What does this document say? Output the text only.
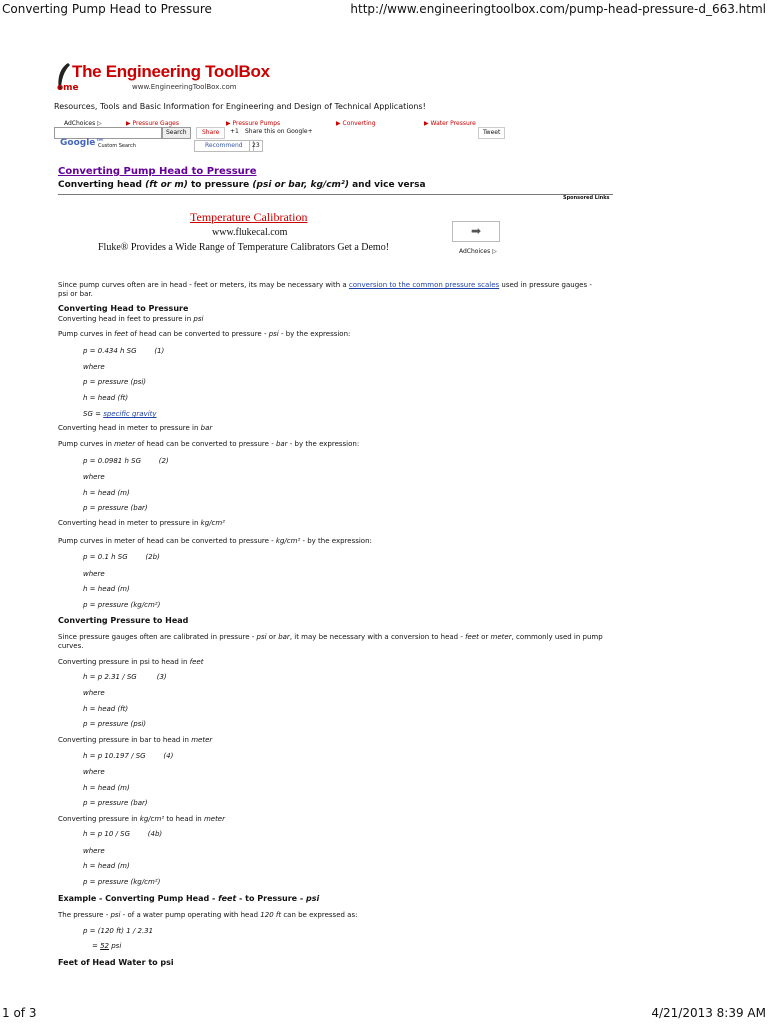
Converting Pump Head to Pressure	http://www.engineeringtoolbox.com/pump-head-pressure-d_663.html
The Engineering ToolBox
ome	www.EngineeringToolBox.com
Resources, Tools and Basic Information for Engineering and Design of Technical Applications!
AdChoices ▷	▶ Pressure Gages	▶ Pressure Pumps	▶ Converting	▶ Water Pressure
Search	Share	+1 Share this on Google+	Tweet
Google™
Custom Search	Recommend	23
Converting Pump Head to Pressure
Converting head (ft or m) to pressure (psi or bar, kg/cm²) and vice versa
Sponsored Links
Temperature Calibration
www.flukecal.com
Fluke® Provides a Wide Range of Temperature Calibrators Get a Demo!
➡
AdChoices ▷
Since pump curves often are in head - feet or meters, its may be necessary with a conversion to the common pressure scales used in pressure gauges - psi or bar.
Converting Head to Pressure
Converting head in feet to pressure in psi
Pump curves in feet of head can be converted to pressure - psi - by the expression:
p = 0.434 h SG        (1)
where
p = pressure (psi)
h = head (ft)
SG = specific gravity
Converting head in meter to pressure in bar
Pump curves in meter of head can be converted to pressure - bar - by the expression:
p = 0.0981 h SG        (2)
where
h = head (m)
p = pressure (bar)
Converting head in meter to pressure in kg/cm²
Pump curves in meter of head can be converted to pressure - kg/cm² - by the expression:
p = 0.1 h SG        (2b)
where
h = head (m)
p = pressure (kg/cm²)
Converting Pressure to Head
Since pressure gauges often are calibrated in pressure - psi or bar, it may be necessary with a conversion to head - feet or meter, commonly used in pump curves.
Converting pressure in psi to head in feet
h = p 2.31 / SG         (3)
where
h = head (ft)
p = pressure (psi)
Converting pressure in bar to head in meter
h = p 10.197 / SG        (4)
where
h = head (m)
p = pressure (bar)
Converting pressure in kg/cm² to head in meter
h = p 10 / SG        (4b)
where
h = head (m)
p = pressure (kg/cm²)
Example - Converting Pump Head - feet - to Pressure - psi
The pressure - psi - of a water pump operating with head 120 ft can be expressed as:
p = (120 ft) 1 / 2.31
= 52 psi
Feet of Head Water to psi
1 of 3	4/21/2013 8:39 AM
